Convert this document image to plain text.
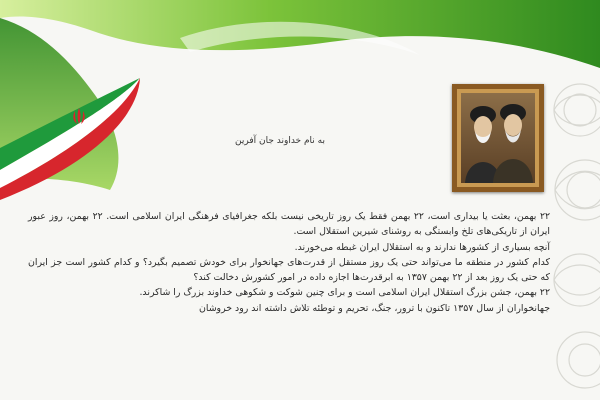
به نام خداوند جان آفرین

۲۲ بهمن، بعثت یا بیداری است، ۲۲ بهمن فقط یک روز تاریخی نیست بلکه جغرافیای فرهنگی ایران اسلامی است. ۲۲ بهمن، روز عبور ایران از تاریکی‌های تلخ وابستگی به روشنای شیرین استقلال است.

آنچه بسیاری از کشورها ندارند و به استقلال ایران غبطه می‌خورند.

کدام کشور در منطقه ما می‌تواند حتی یک روز مستقل از قدرت‌های جهانخوار برای خودش تصمیم بگیرد؟ و کدام کشور است جز ایران که حتی یک روز بعد از ۲۲ بهمن ۱۳۵۷ به ابرقدرت‌ها اجازه داده در امور کشورش دخالت کند؟

۲۲ بهمن، جشن بزرگ استقلال ایران اسلامی است و برای چنین شوکت و شکوهی خداوند بزرگ را شاکرند.

جهانخواران از سال ۱۳۵۷ تاکنون با ترور، جنگ، تحریم و توطئه تلاش داشته اند رود خروشان
